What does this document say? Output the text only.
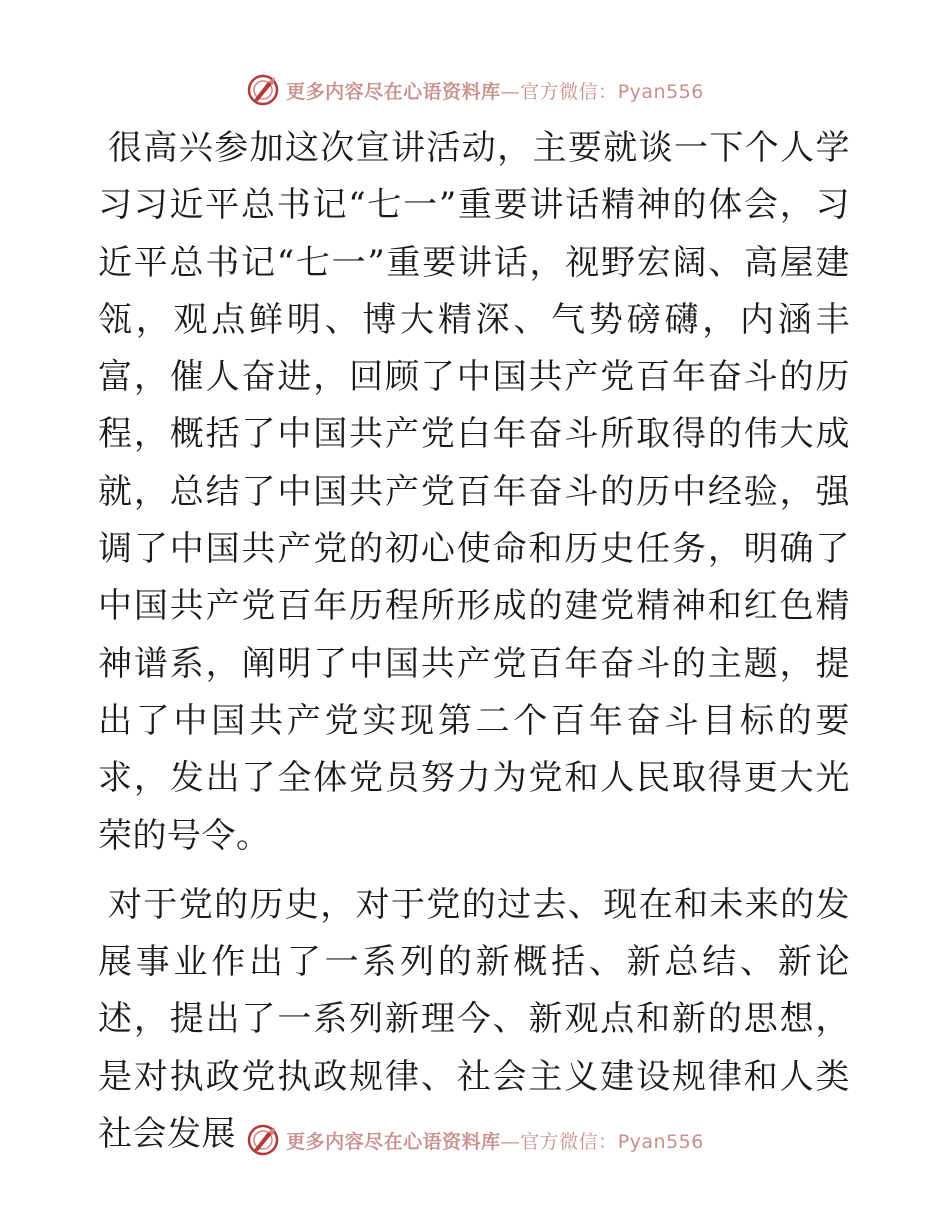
更多内容尽在心语资料库—官方微信：Pyan556

很高兴参加这次宣讲活动，主要就谈一下个人学习习近平总书记“七一”重要讲话精神的体会，习近平总书记“七一”重要讲话，视野宏阔、高屋建瓴，观点鲜明、博大精深、气势磅礴，内涵丰富，催人奋进，回顾了中国共产党百年奋斗的历程，概括了中国共产党白年奋斗所取得的伟大成就，总结了中国共产党百年奋斗的历中经验，强调了中国共产党的初心使命和历史任务，明确了中国共产党百年历程所形成的建党精神和红色精神谱系，阐明了中国共产党百年奋斗的主题，提出了中国共产党实现第二个百年奋斗目标的要求，发出了全体党员努力为党和人民取得更大光荣的号令。

对于党的历史，对于党的过去、现在和未来的发展事业作出了一系列的新概括、新总结、新论述，提出了一系列新理今、新观点和新的思想，是对执政党执政规律、社会主义建设规律和人类社会发展	更多内容尽在心语资料库—官方微信：Pyan556
